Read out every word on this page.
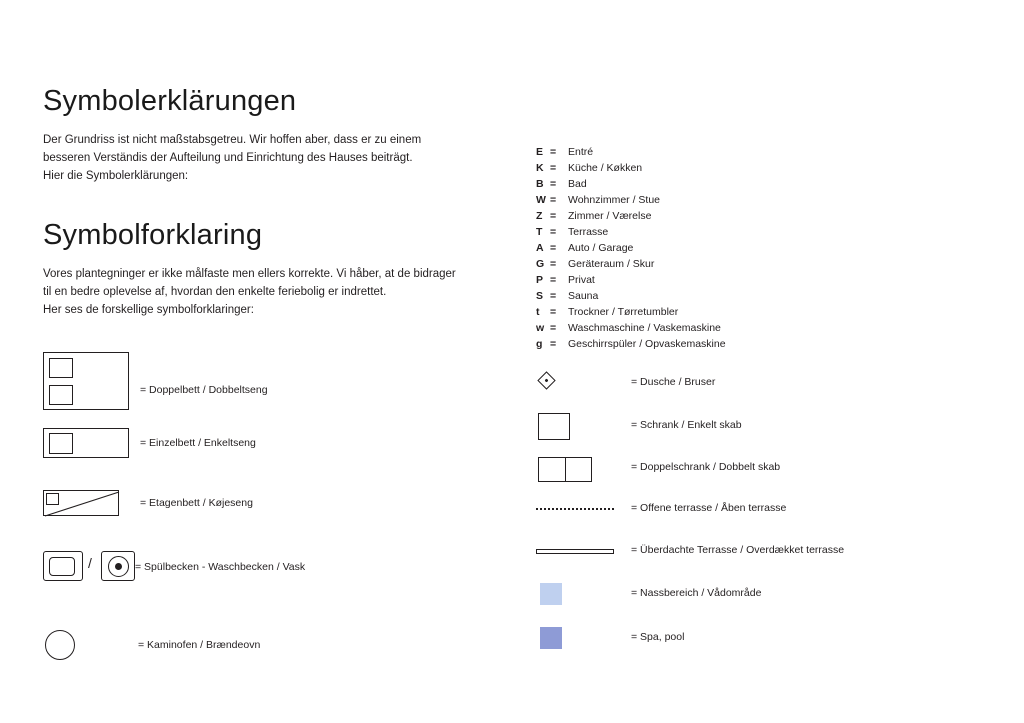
Symbolerklärungen

Der Grundriss ist nicht maßstabsgetreu. Wir hoffen aber, dass er zu einem
besseren Verständis der Aufteilung und Einrichtung des Hauses beiträgt.
Hier die Symbolerklärungen:

Symbolforklaring

Vores plantegninger er ikke målfaste men ellers korrekte. Vi håber, at de bidrager
til en bedre oplevelse af, hvordan den enkelte feriebolig er indrettet.
Her ses de forskellige symbolforklaringer:

= Doppelbett / Dobbeltseng
= Einzelbett / Enkeltseng
= Etagenbett / Køjeseng
/	= Spülbecken - Waschbecken / Vask
= Kaminofen / Brændeovn
E = Entré
K = Küche / Køkken
B = Bad
W = Wohnzimmer / Stue
Z = Zimmer / Værelse
T = Terrasse
A = Auto / Garage
G = Geräteraum / Skur
P = Privat
S = Sauna
t = Trockner / Tørretumbler
w = Waschmaschine / Vaskemaskine
g = Geschirrspüler / Opvaskemaskine
= Dusche / Bruser
= Schrank / Enkelt skab
= Doppelschrank / Dobbelt skab
= Offene terrasse / Åben terrasse
= Überdachte Terrasse / Overdækket terrasse
= Nassbereich / Vådområde
= Spa, pool
